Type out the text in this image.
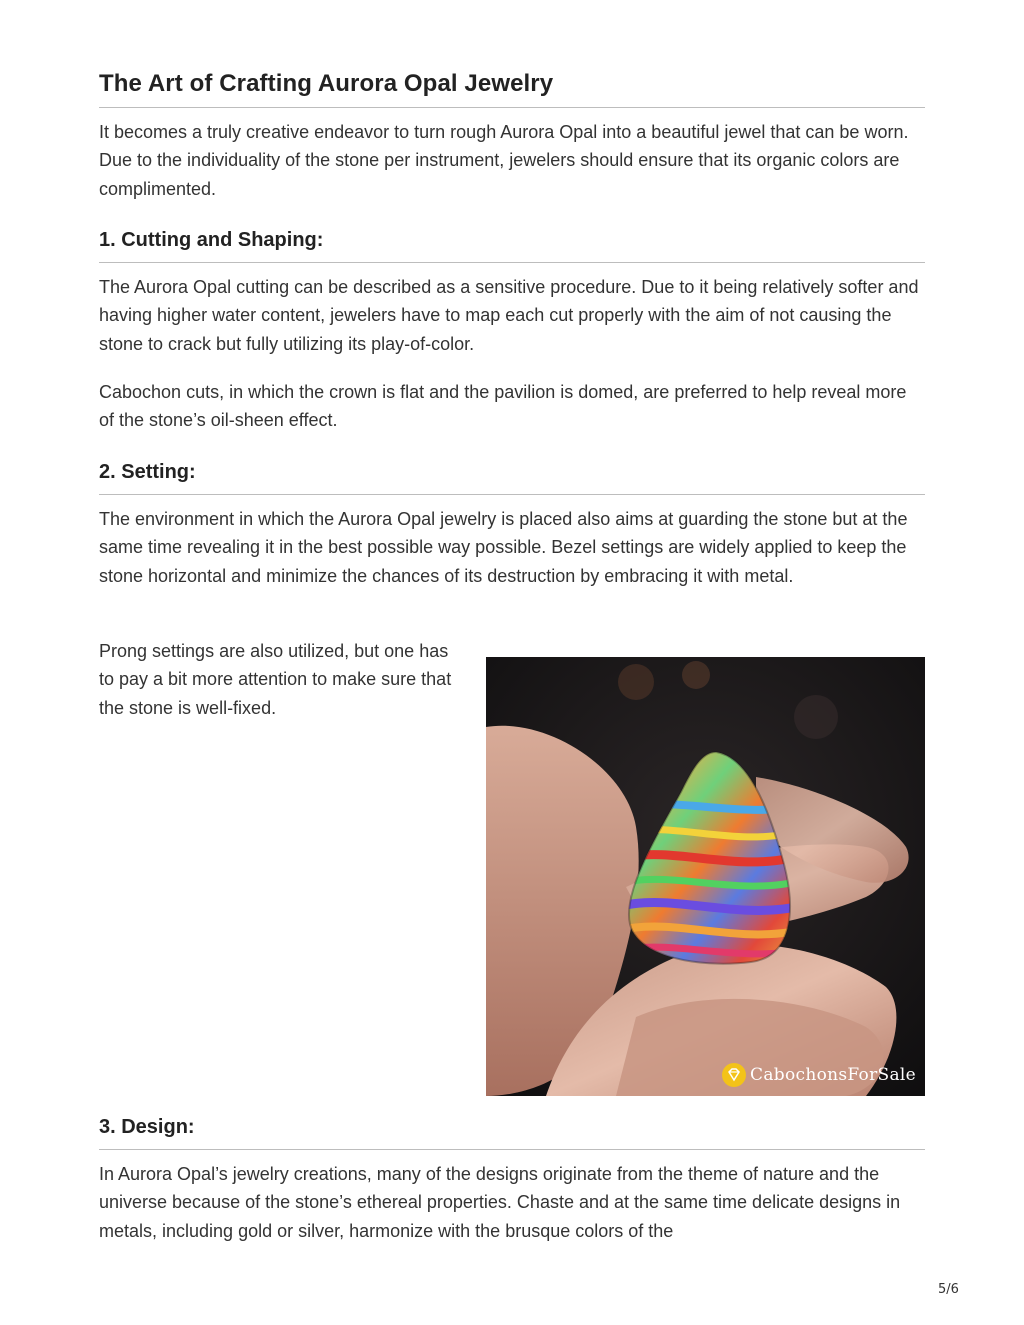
The Art of Crafting Aurora Opal Jewelry

It becomes a truly creative endeavor to turn rough Aurora Opal into a beautiful jewel that can be worn. Due to the individuality of the stone per instrument, jewelers should ensure that its organic colors are complimented.

1. Cutting and Shaping:

The Aurora Opal cutting can be described as a sensitive procedure. Due to it being relatively softer and having higher water content, jewelers have to map each cut properly with the aim of not causing the stone to crack but fully utilizing its play-of-color.

Cabochon cuts, in which the crown is flat and the pavilion is domed, are preferred to help reveal more of the stone’s oil-sheen effect.

2. Setting:

The environment in which the Aurora Opal jewelry is placed also aims at guarding the stone but at the same time revealing it in the best possible way possible. Bezel settings are widely applied to keep the stone horizontal and minimize the chances of its destruction by embracing it with metal.

Prong settings are also utilized, but one has to pay a bit more attention to make sure that the stone is well-fixed.

CabochonsForSale
3. Design:

In Aurora Opal’s jewelry creations, many of the designs originate from the theme of nature and the universe because of the stone’s ethereal properties. Chaste and at the same time delicate designs in metals, including gold or silver, harmonize with the brusque colors of the

5/6
